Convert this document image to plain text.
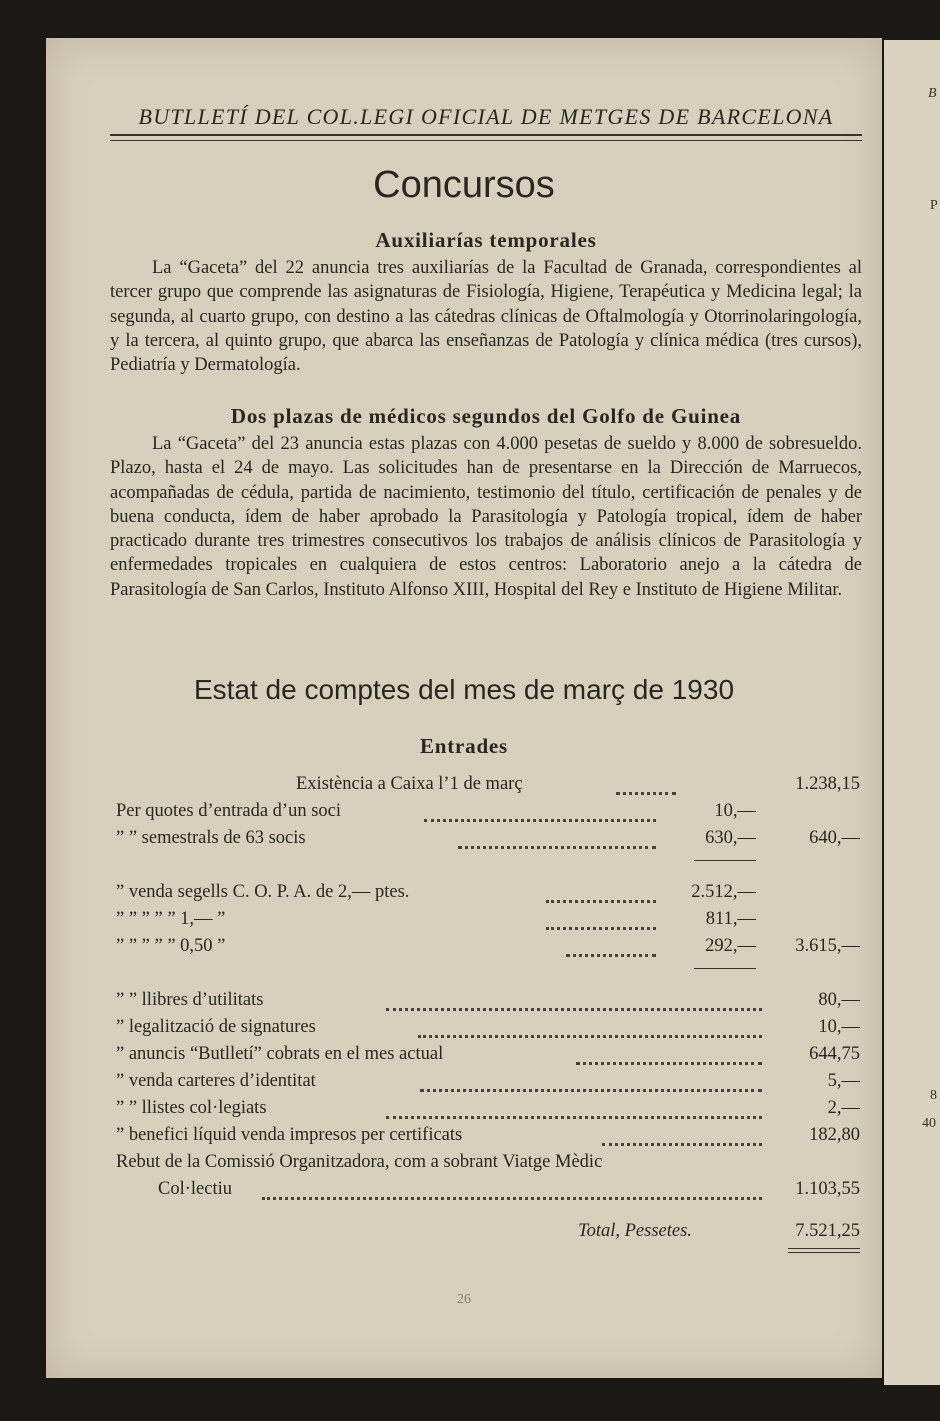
BUTLLETÍ DEL COL.LEGI OFICIAL DE METGES DE BARCELONA
Concursos
Auxiliarías temporales

La “Gaceta” del 22 anuncia tres auxiliarías de la Facultad de Granada, correspondientes al tercer grupo que comprende las asignaturas de Fisiología, Higiene, Terapéutica y Medicina legal; la segunda, al cuarto grupo, con destino a las cátedras clínicas de Oftalmología y Otorrinolaringología, y la tercera, al quinto grupo, que abarca las enseñanzas de Patología y clínica médica (tres cursos), Pediatría y Dermatología.

Dos plazas de médicos segundos del Golfo de Guinea

La “Gaceta” del 23 anuncia estas plazas con 4.000 pesetas de sueldo y 8.000 de sobresueldo. Plazo, hasta el 24 de mayo. Las solicitudes han de presentarse en la Dirección de Marruecos, acompañadas de cédula, partida de nacimiento, testimonio del título, certificación de penales y de buena conducta, ídem de haber aprobado la Parasitología y Patología tropical, ídem de haber practicado durante tres trimestres consecutivos los trabajos de análisis clínicos de Parasitología y enfermedades tropicales en cualquiera de estos centros: Laboratorio anejo a la cátedra de Parasitología de San Carlos, Instituto Alfonso XIII, Hospital del Rey e Instituto de Higiene Militar.

Estat de comptes del mes de març de 1930
Entrades
Existència a Caixa l’1 de març	1.238,15
Per quotes d’entrada d’un soci	10,—
” ” semestrals de 63 socis	630,—	640,—
” venda segells C. O. P. A. de 2,— ptes.	2.512,—
” ” ” ” ” 1,— ”	811,—
” ” ” ” ” 0,50 ”	292,— 3.615,—
” ” llibres d’utilitats	80,—
” legalització de signatures	10,—
” anuncis “Butlletí” cobrats en el mes actual	644,75
” venda carteres d’identitat	5,—
” ” llistes col·legiats	2,—
” benefici líquid venda impresos per certificats	182,80
Rebut de la Comissió Organitzadora, com a sobrant Viatge Mèdic
Col·lectiu	1.103,55
Total, Pessetes.	7.521,25
26
B
P
8
40
